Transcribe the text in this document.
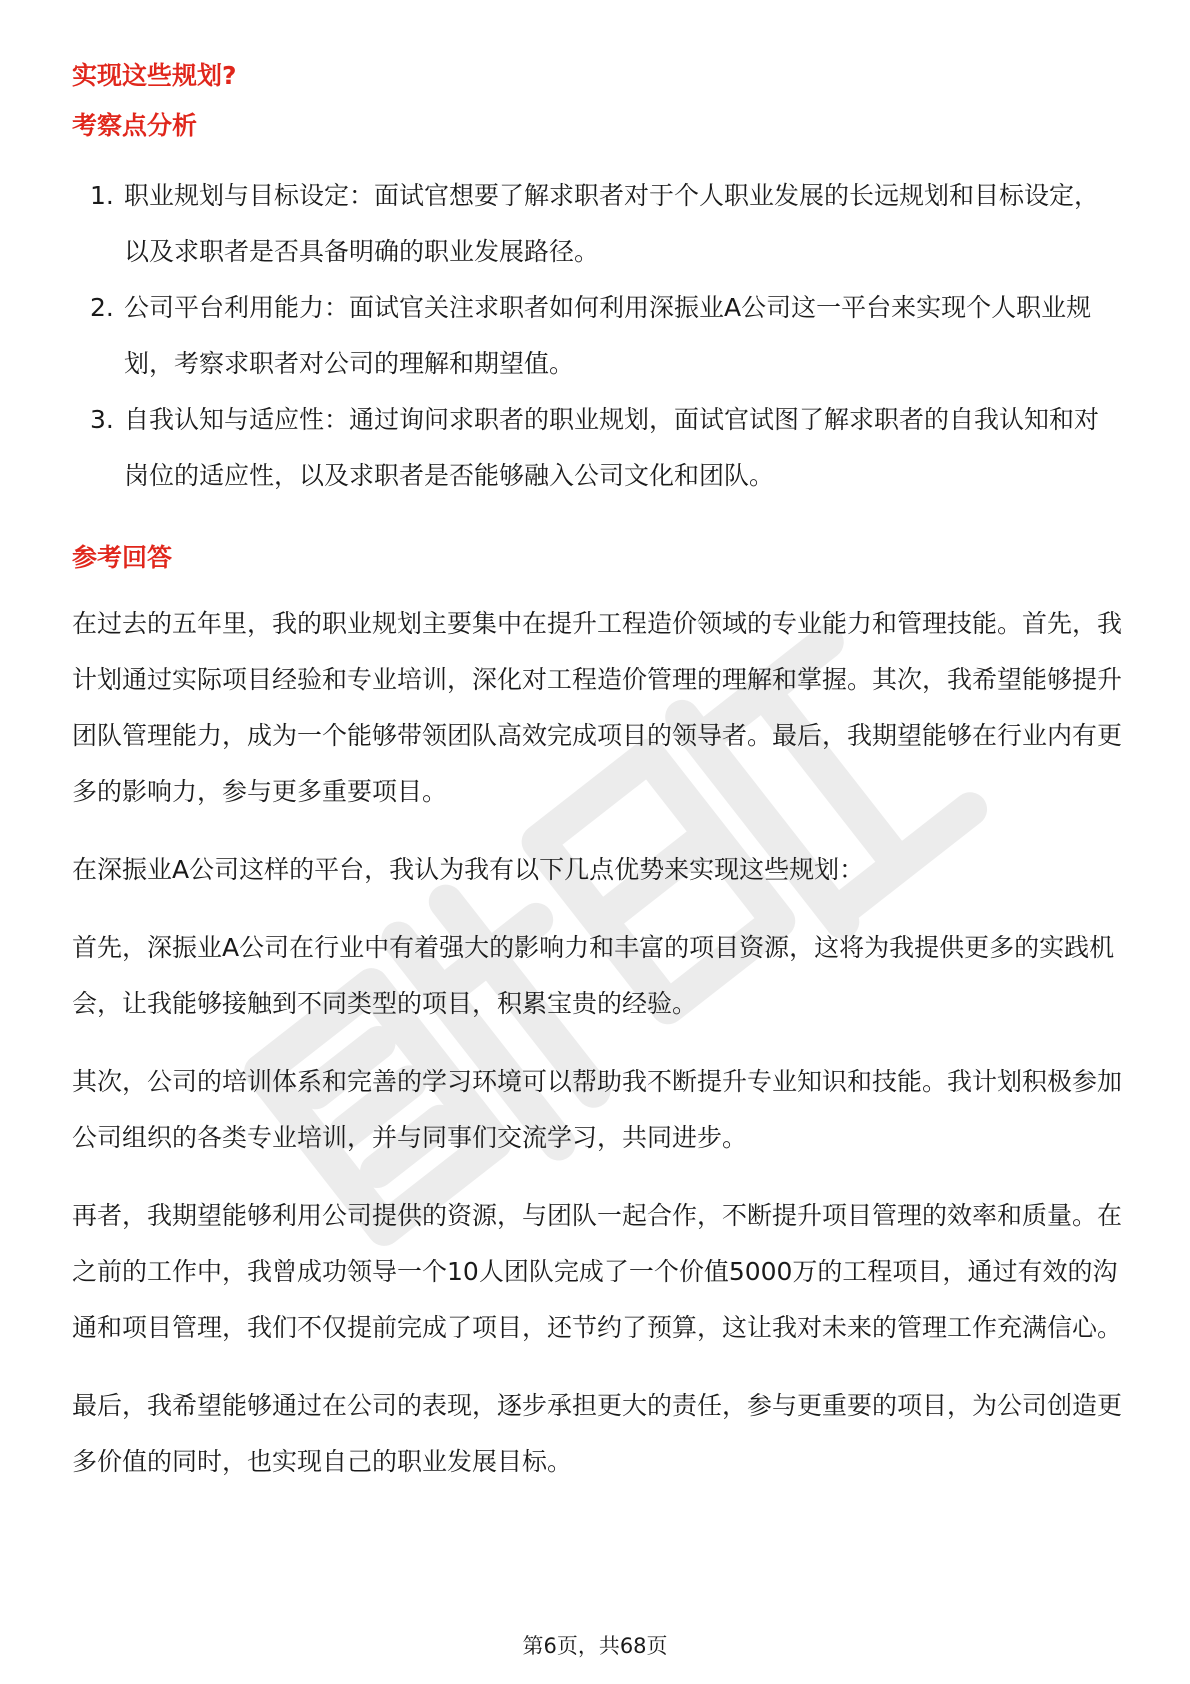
实现这些规划?
考察点分析
1. 职业规划与目标设定：面试官想要了解求职者对于个人职业发展的长远规划和目标设定，以及求职者是否具备明确的职业发展路径。
2. 公司平台利用能力：面试官关注求职者如何利用深振业A公司这一平台来实现个人职业规划，考察求职者对公司的理解和期望值。
3. 自我认知与适应性：通过询问求职者的职业规划，面试官试图了解求职者的自我认知和对岗位的适应性，以及求职者是否能够融入公司文化和团队。
参考回答

在过去的五年里，我的职业规划主要集中在提升工程造价领域的专业能力和管理技能。首先，我计划通过实际项目经验和专业培训，深化对工程造价管理的理解和掌握。其次，我希望能够提升团队管理能力，成为一个能够带领团队高效完成项目的领导者。最后，我期望能够在行业内有更多的影响力，参与更多重要项目。

在深振业A公司这样的平台，我认为我有以下几点优势来实现这些规划：

首先，深振业A公司在行业中有着强大的影响力和丰富的项目资源，这将为我提供更多的实践机会，让我能够接触到不同类型的项目，积累宝贵的经验。

其次，公司的培训体系和完善的学习环境可以帮助我不断提升专业知识和技能。我计划积极参加公司组织的各类专业培训，并与同事们交流学习，共同进步。

再者，我期望能够利用公司提供的资源，与团队一起合作，不断提升项目管理的效率和质量。在之前的工作中，我曾成功领导一个10人团队完成了一个价值5000万的工程项目，通过有效的沟通和项目管理，我们不仅提前完成了项目，还节约了预算，这让我对未来的管理工作充满信心。

最后，我希望能够通过在公司的表现，逐步承担更大的责任，参与更重要的项目，为公司创造更多价值的同时，也实现自己的职业发展目标。

第6页，共68页
